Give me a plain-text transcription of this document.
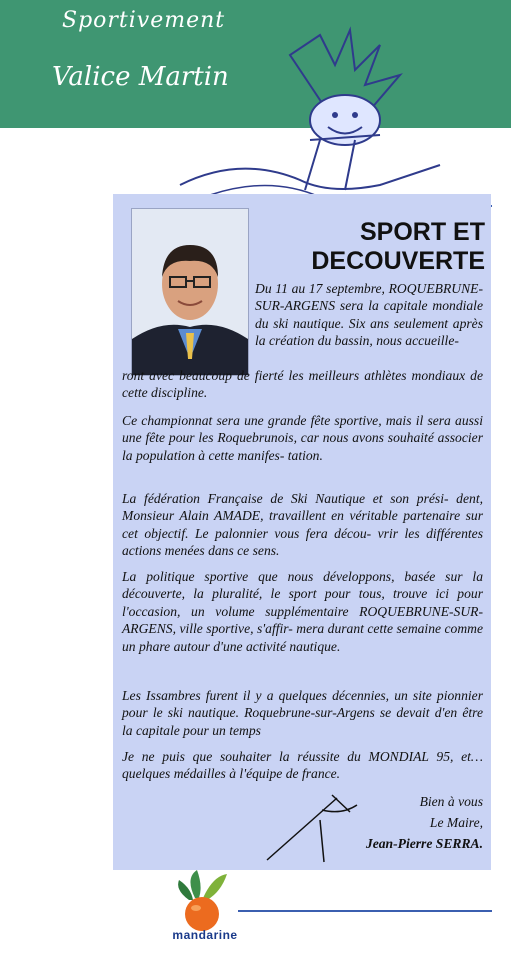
Sportivement
Valice Martin

SPORT ET
DECOUVERTE

Du 11 au 17 septembre, ROQUEBRUNE-SUR-ARGENS sera la capitale mondiale du ski nautique. Six ans seulement après la création du bassin, nous accueille-

ront avec beaucoup de fierté les meilleurs athlètes mondiaux de cette discipline.

Ce championnat sera une grande fête sportive, mais il sera aussi une fête pour les Roquebrunois, car nous avons souhaité associer la population à cette manifes- tation.

La fédération Française de Ski Nautique et son prési- dent, Monsieur Alain AMADE, travaillent en véritable partenaire sur cet objectif. Le palonnier vous fera décou- vrir les différentes actions menées dans ce sens.

La politique sportive que nous développons, basée sur la découverte, la pluralité, le sport pour tous, trouve ici pour l'occasion, un volume supplémentaire ROQUEBRUNE-SUR-ARGENS, ville sportive, s'affir- mera durant cette semaine comme un phare autour d'une activité nautique.

Les Issambres furent il y a quelques décennies, un site pionnier pour le ski nautique. Roquebrune-sur-Argens se devait d'en être la capitale pour un temps

Je ne puis que souhaiter la réussite du MONDIAL 95, et…quelques médailles à l'équipe de france.

Bien à vous
Le Maire,
Jean-Pierre SERRA.

mandarine
